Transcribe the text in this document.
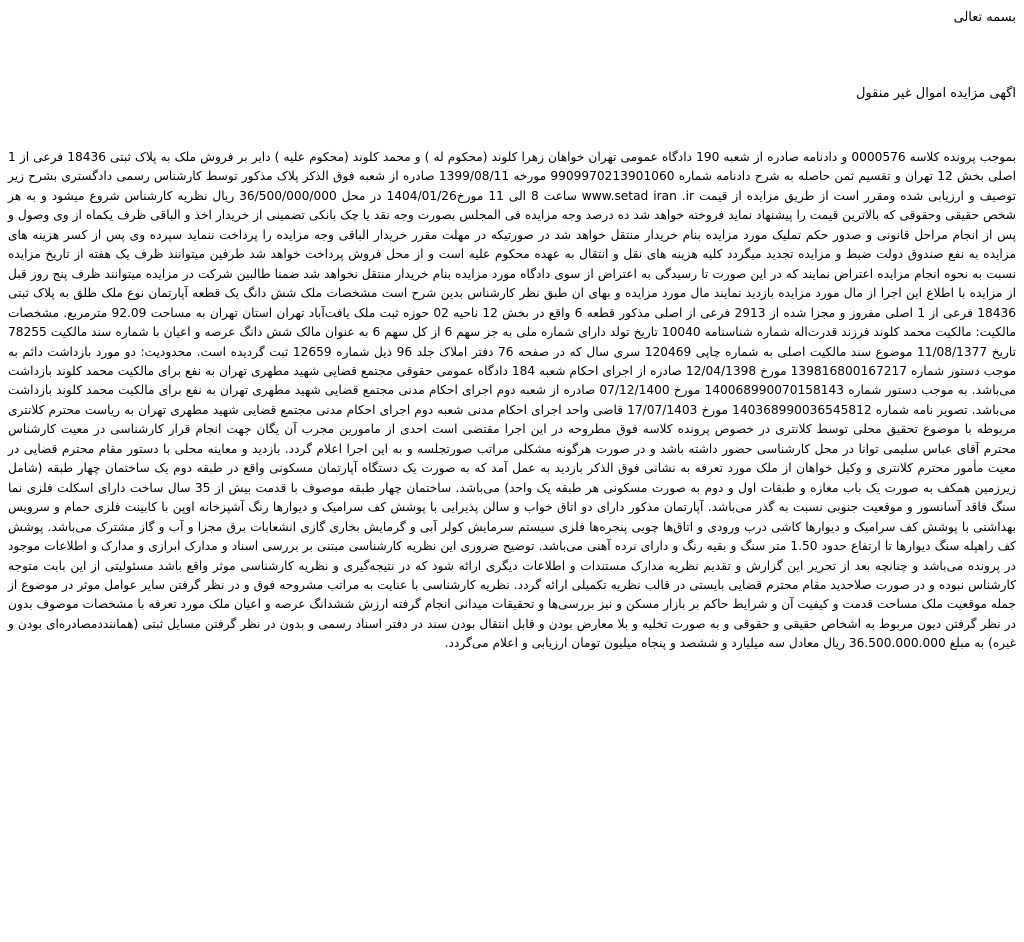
بسمه تعالی
اگهی مزایده اموال غیر منقول
بموجب پرونده کلاسه 0000576 و دادنامه صادره از شعبه 190 دادگاه عمومی تهران خواهان زهرا کلوند (محکوم له ) و محمد کلوند (محکوم علیه ) دایر بر فروش ملک به پلاک ثبتی 18436 فرعی از 1 اصلی بخش 12 تهران و تقسیم ثمن حاصله به شرح دادنامه شماره 9909970213901060 مورخه 1399/08/11 صادره از شعبه فوق الذکر پلاک مذکور توسط کارشناس رسمی دادگستری بشرح زیر توصیف و ارزیابی شده ومقرر است از طریق مزایده از قیمت www.setad iran .ir ساعت 8 الی 11 مورخ1404/01/26 در محل 36/500/000/000 ریال نظریه کارشناس شروع میشود و به هر شخص حقیقی وحقوقی که بالاترین قیمت را پیشنهاد نماید فروخته خواهد شد ده درصد وجه مزایده فی المجلس بصورت وجه نقد یا چک بانکی تضمینی از خریدار اخذ و الباقی ظرف یکماه از وی وصول و پس از انجام مراحل قانونی و صدور حکم تملیک مورد مزایده بنام خریدار منتقل خواهد شد در صورتیکه در مهلت مقرر خریدار الباقی وجه مزایده را پرداخت ننماید سپرده وی پس از کسر هزینه های مزایده به نفع صندوق دولت ضبط و مزایده تجدید میگردد کلیه هزینه های نقل و انتقال به عهده محکوم علیه است و از محل فروش پرداخت خواهد شد طرفین میتوانند ظرف یک هفته از تاریخ مزایده نسبت به نحوه انجام مزایده اعتراض نمایند که در این صورت تا رسیدگی به اعتراض از سوی دادگاه مورد مزایده بنام خریدار منتقل نخواهد شد ضمنا طالبین شرکت در مزایده میتوانند ظرف پنج روز قبل از مزایده با اطلاع این اجرا از مال مورد مزایده بازدید نمایند مال مورد مزایده و بهای ان طبق نظر کارشناس بدین شرح است مشخصات ملک شش دانگ یک قطعه آپارتمان نوع ملک طلق به پلاک ثبتی 18436 فرعی از 1 اصلی مفروز و مجزا شده از 2913 فرعی از اصلی مذکور قطعه 6 واقع در بخش 12 ناحیه 02 حوزه ثبت ملک یافت‌آباد تهران استان تهران به مساحت 92.09 مترمربع. مشخصات مالکیت: مالکیت محمد کلوند فرزند قدرت‌اله شماره شناسنامه 10040 تاریخ تولد دارای شماره ملی به جز سهم 6 از کل سهم 6 به عنوان مالک شش دانگ عرصه و اعیان با شماره سند مالکیت 78255 تاریخ 11/08/1377 موضوع سند مالکیت اصلی به شماره چاپی 120469 سری سال که در صفحه 76 دفتر املاک جلد 96 ذیل شماره 12659 ثبت گردیده است. محدودیت: دو مورد بازداشت دائم به موجب دستور شماره 139816800167217 مورخ 12/04/1398 صادره از اجرای احکام شعبه 184 دادگاه عمومی حقوقی مجتمع قضایی شهید مطهری تهران به نفع برای مالکیت محمد کلوند بازداشت می‌باشد. به موجب دستور شماره 140068990070158143 مورخ 07/12/1400 صادره از شعبه دوم اجرای احکام مدنی مجتمع قضایی شهید مطهری تهران به نفع برای مالکیت محمد کلوند بازداشت می‌باشد. تصویر نامه شماره 140368990036545812 مورخ 17/07/1403 قاضی واحد اجرای احکام مدنی شعبه دوم اجرای احکام مدنی مجتمع قضایی شهید مطهری تهران به ریاست محترم کلانتری مربوطه با موضوع تحقیق محلی توسط کلانتری در خصوص پرونده کلاسه فوق مطروحه در این اجرا مقتضی است احدی از مامورین مجرب آن یگان جهت انجام قرار کارشناسی در معیت کارشناس محترم آقای عباس سلیمی توانا در محل کارشناسی حضور داشته باشد و در صورت هرگونه مشکلی مراتب صورتجلسه و به این اجرا اعلام گردد. بازدید و معاینه محلی با دستور مقام محترم قضایی در معیت مأمور محترم کلانتری و وکیل خواهان از ملک مورد تعرفه به نشانی فوق الذکر بازدید به عمل آمد که به صورت یک دستگاه آپارتمان مسکونی واقع در طبقه دوم یک ساختمان چهار طبقه (شامل زیرزمین همکف به صورت یک باب مغازه و طبقات اول و دوم به صورت مسکونی هر طبقه یک واحد) می‌باشد. ساختمان چهار طبقه موصوف با قدمت بیش از 35 سال ساخت دارای اسکلت فلزی نما سنگ فاقد آسانسور و موقعیت جنوبی نسبت به گذر می‌باشد. آپارتمان مذکور دارای دو اتاق خواب و سالن پذیرایی با پوشش کف سرامیک و دیوارها رنگ آشپزخانه اوپن با کابینت فلزی حمام و سرویس بهداشتی با پوشش کف سرامیک و دیوارها کاشی درب ورودی و اتاق‌ها چوبی پنجره‌ها فلزی سیستم سرمایش کولر آبی و گرمایش بخاری گازی انشعابات برق مجزا و آب و گاز مشترک می‌باشد. پوشش کف راهپله سنگ دیوارها تا ارتفاع حدود 1.50 متر سنگ و بقیه رنگ و دارای نرده آهنی می‌باشد. توضیح ضروری این نظریه کارشناسی مبتنی بر بررسی اسناد و مدارک ابرازی و مدارک و اطلاعات موجود در پرونده می‌باشد و چنانچه بعد از تحریر این گزارش و تقدیم نظریه مدارک مستندات و اطلاعات دیگری ارائه شود که در نتیجه‌گیری و نظریه کارشناسی موثر واقع باشد مسئولیتی از این بابت متوجه کارشناس نبوده و در صورت صلاحدید مقام محترم قضایی بایستی در قالب نظریه تکمیلی ارائه گردد. نظریه کارشناسی با عنایت به مراتب مشروحه فوق و در نظر گرفتن سایر عوامل موثر در موضوع از جمله موقعیت ملک مساحت قدمت و کیفیت آن و شرایط حاکم بر بازار مسکن و نیز بررسی‌ها و تحقیقات میدانی انجام گرفته ارزش ششدانگ عرصه و اعیان ملک مورد تعرفه با مشخصات موصوف بدون در نظر گرفتن دیون مربوط به اشخاص حقیقی و حقوقی و به صورت تخلیه و بلا معارض بودن و قابل انتقال بودن سند در دفتر اسناد رسمی و بدون در نظر گرفتن مسایل ثبتی (هماننددمصادره‌ای بودن و غیره) به مبلغ 36.500.000.000 ریال معادل سه میلیارد و ششصد و پنجاه میلیون تومان ارزیابی و اعلام می‌گردد.
